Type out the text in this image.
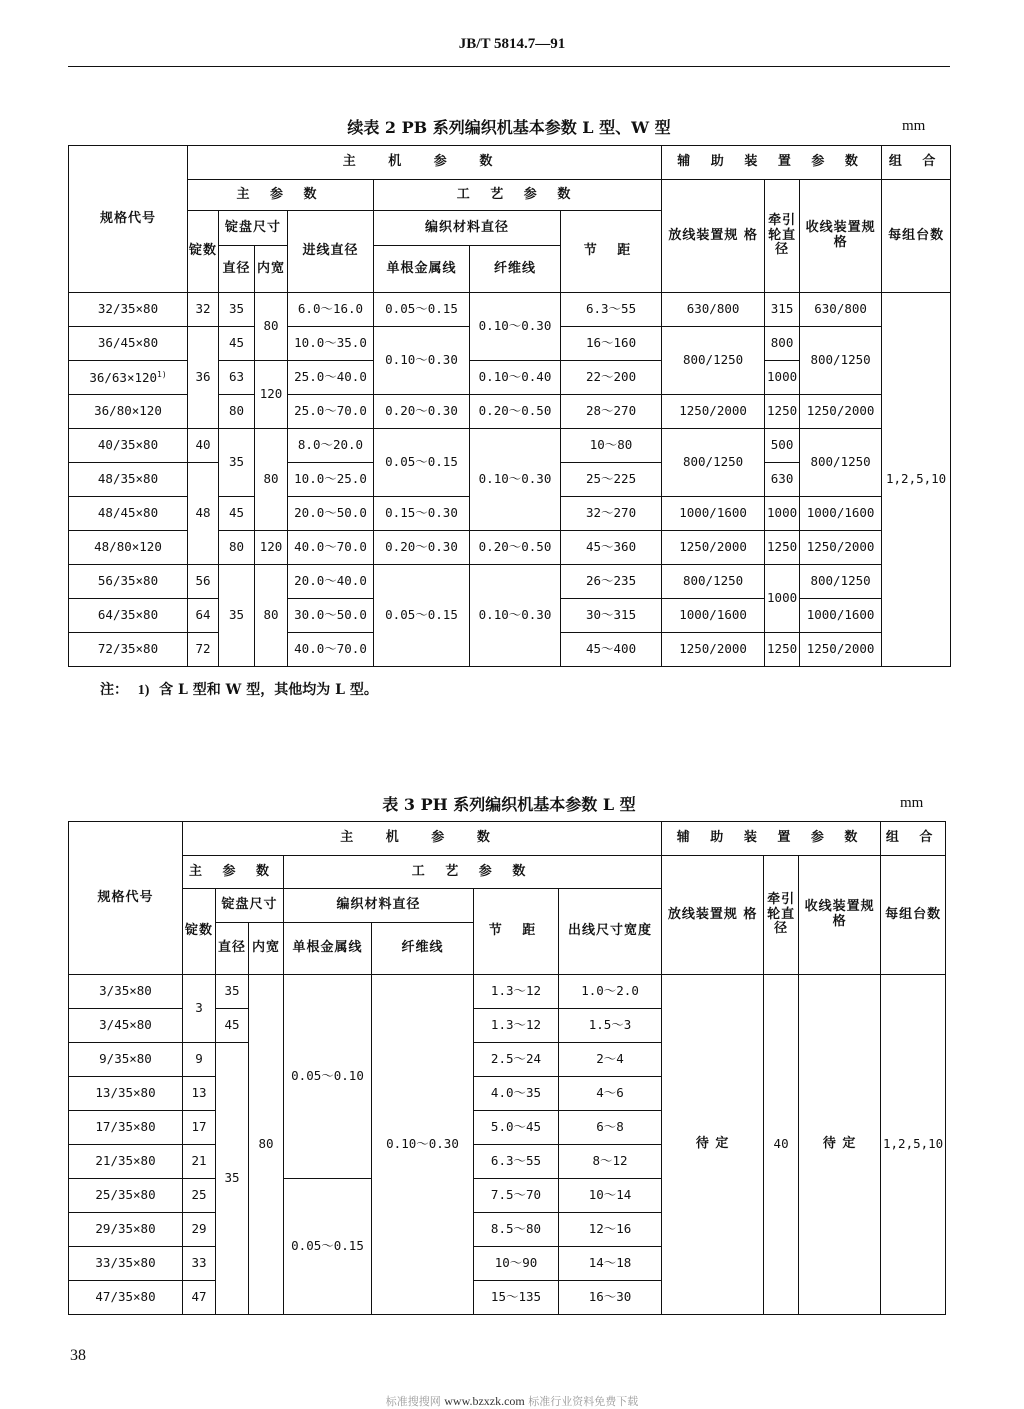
JB/T 5814.7—91
续表 2 PB 系列编织机基本参数 L 型、W 型	mm
规格代号	主 机 参 数							辅 助 装 置 参 数			组 合
	主 参 数				工 艺 参 数			放线装置规 格	牵引轮直径	收线装置规 格	每组台数
	锭数	锭盘尺寸		进线直径	编织材料直径		节 距				
		直径	内宽		单根金属线	纤维线					
32/35×80	32	35	80	6.0～16.0	0.05～0.15	0.10～0.30	6.3～55	630/800	315	630/800	1,2,5,10
36/45×80	36	45		10.0～35.0	0.10～0.30		16～160	800/1250	800	800/1250	
$36/63\times 120^{1)}$		63	120	25.0～40.0		0.10～0.40	22～200		1000		
36/80×120		80		25.0～70.0	0.20～0.30	0.20～0.50	28～270	1250/2000	1250	1250/2000	
40/35×80	40	35	80	8.0～20.0	0.05～0.15	0.10～0.30	10～80	800/1250	500	800/1250	
48/35×80	48			10.0～25.0			25～225		630		
48/45×80		45		20.0～50.0	0.15～0.30		32～270	1000/1600	1000	1000/1600	
48/80×120		80	120	40.0～70.0	0.20～0.30	0.20～0.50	45～360	1250/2000	1250	1250/2000	
56/35×80	56	35	80	20.0～40.0	0.05～0.15	0.10～0.30	26～235	800/1250	1000	800/1250	
64/35×80	64			30.0～50.0			30～315	1000/1600		1000/1600	
72/35×80	72			40.0～70.0			45～400	1250/2000	1250	1250/2000	
注： 1) 含 L 型和 W 型，其他均为 L 型。
表 3 PH 系列编织机基本参数 L 型	mm
规格代号	主 机 参 数							辅 助 装 置 参 数			组 合
	主 参 数			工 艺 参 数				放线装置规 格	牵引轮直径	收线装置规 格	每组台数
	锭数	锭盘尺寸		编织材料直径		节 距	出线尺寸宽度				
		直径	内宽	单根金属线	纤维线						
3/35×80	3	35	80	0.05～0.10	0.10～0.30	1.3～12	1.0～2.0	待 定	40	待 定	1,2,5,10
3/45×80		45				1.3～12	1.5～3				
9/35×80	9	35				2.5～24	2～4				
13/35×80	13					4.0～35	4～6				
17/35×80	17					5.0～45	6～8				
21/35×80	21					6.3～55	8～12				
25/35×80	25			0.05～0.15		7.5～70	10～14				
29/35×80	29					8.5～80	12～16				
33/35×80	33					10～90	14～18				
47/35×80	47					15～135	16～30				
38
标准搜搜网 www.bzxzk.com 标准行业资料免费下载
